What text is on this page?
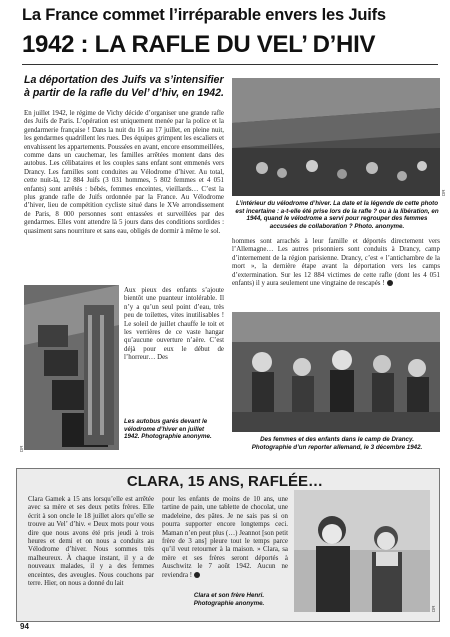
La France commet l’irréparable envers les Juifs
1942 : LA RAFLE DU VEL’ D’HIV
La déportation des Juifs va s’intensifier à partir de la rafle du Vel’ d’hiv, en 1942.
En juillet 1942, le régime de Vichy décide d’organiser une grande rafle des Juifs de Paris. L’opération est uniquement menée par la police et la gendarmerie française ! Dans la nuit du 16 au 17 juillet, en pleine nuit, les gendarmes quadrillent les rues. Des équipes grimpent les escaliers et envahissent les appartements. Poussées en avant, encore ensommeillées, comme dans un cauchemar, les familles arrêtées montent dans des autobus. Les célibataires et les couples sans enfant sont emmenés vers Drancy. Les familles sont conduites au Vélodrome d’hiver. Au total, cette nuit-là, 12 884 Juifs (3 031 hommes, 5 802 femmes et 4 051 enfants) sont arrêtés : bébés, femmes enceintes, vieillards… C’est la plus grande rafle de Juifs ordonnée par la France. Au Vélodrome d’hiver, lieu de compétition cycliste situé dans le XVe arrondissement de Paris, 8 000 personnes sont entassées et surveillées par des gendarmes. Elles vont attendre là 5 jours dans des conditions sordides : quasiment sans nourriture et sans eau, obligés de dormir à même le sol.
DR
Aux pieux des enfants s’ajoute bientôt une puanteur intolérable. Il n’y a qu’un seul point d’eau, très peu de toilettes, vites inutilisables ! Le soleil de juillet chauffe le toit et les verrières de ce vaste hangar qu’aucune ouverture n’aère. C’est déjà pour eux le début de l’horreur… Des
Les autobus garés devant le vélodrome d’hiver en juillet 1942. Photographie anonyme.
DR
L’intérieur du vélodrome d’hiver. La date et la légende de cette photo est incertaine : a-t-elle été prise lors de la rafle ? ou à la libération, en 1944, quand le vélodrome a servi pour regrouper des femmes accusées de collaboration ? Photo. anonyme.
hommes sont arrachés à leur famille et déportés directement vers l’Allemagne… Les autres prisonniers sont conduits à Drancy, camp d’internement de la région parisienne. Drancy, c’est « l’antichambre de la mort », la dernière étape avant la déportation vers les camps d’extermination. Sur les 12 884 victimes de cette rafle (dont les 4 051 enfants) il y aura seulement une vingtaine de rescapés !
Des femmes et des enfants dans le camp de Drancy.
Photographie d’un reporter allemand, le 3 décembre 1942.
CLARA, 15 ANS, RAFLÉE…
Clara Gamek a 15 ans lorsqu’elle est arrêtée avec sa mère et ses deux petits frères. Elle écrit à son oncle le 18 juillet alors qu’elle se trouve au Vel’ d’hiv. « Deux mots pour vous dire que nous avons été pris jeudi à trois heures et demi et on nous a conduits au Vélodrome d’hiver. Nous sommes très malheureux. À chaque instant, il y a de nouveaux malades, il y a des femmes enceintes, des aveugles. Nous couchons par terre. Hier, on nous a donné du lait
pour les enfants de moins de 10 ans, une tartine de pain, une tablette de chocolat, une madeleine, des pâtes. Je ne sais pas si on pourra supporter encore longtemps ceci. Maman n’en peut plus (…) Jeannot [son petit frère de 3 ans] pleure tout le temps parce qu’il veut retourner à la maison. » Clara, sa mère et ses frères seront déportés à Auschwitz le 7 août 1942. Aucun ne reviendra !
Clara et son frère Henri.
Photographie anonyme.
DR
94
